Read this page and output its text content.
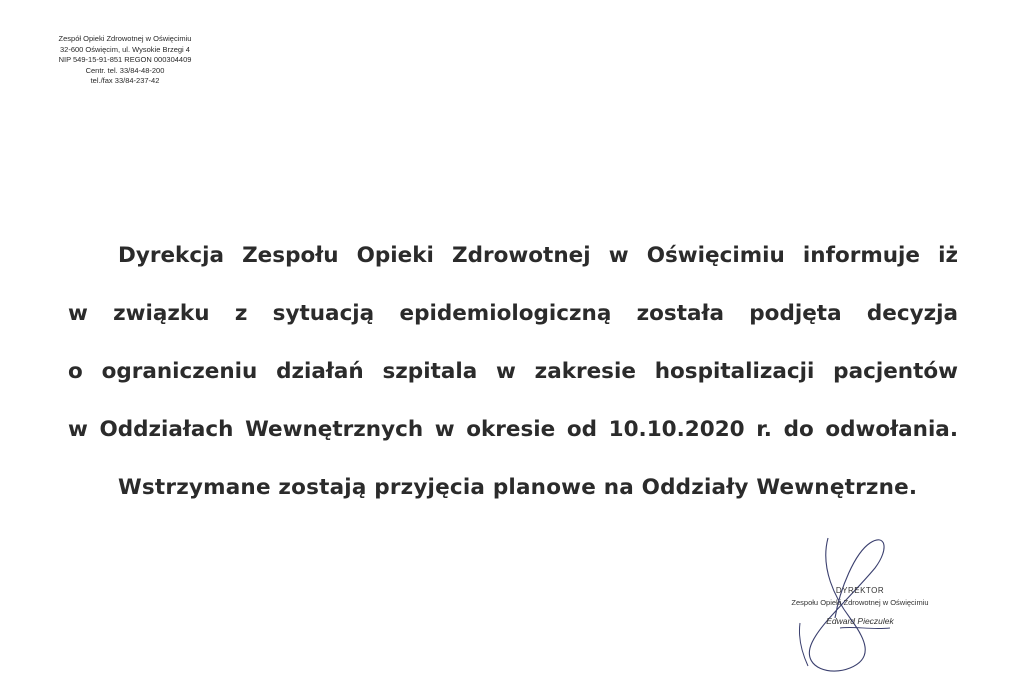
Zespół Opieki Zdrowotnej w Oświęcimiu
32-600 Oświęcim, ul. Wysokie Brzegi 4
NIP 549-15-91-851 REGON 000304409
Centr. tel. 33/84-48-200
tel./fax 33/84-237-42
Dyrekcja Zespołu Opieki Zdrowotnej w Oświęcimiu informuje iż
w związku z sytuacją epidemiologiczną została podjęta decyzja
o ograniczeniu działań szpitala w zakresie hospitalizacji pacjentów
w Oddziałach Wewnętrznych w okresie od 10.10.2020 r. do odwołania.
Wstrzymane zostają przyjęcia planowe na Oddziały Wewnętrzne.
DYREKTOR
Zespołu Opieki Zdrowotnej w Oświęcimiu
Edward Pieczulek
